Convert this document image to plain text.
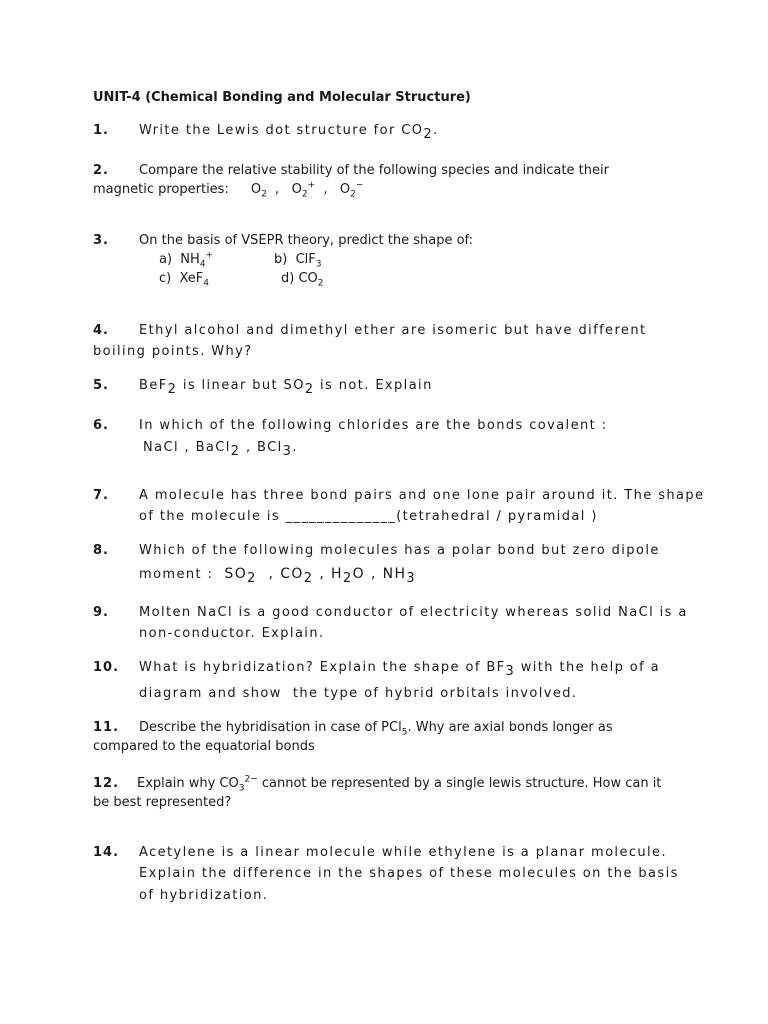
UNIT-4 (Chemical Bonding and Molecular Structure)
1. Write the Lewis dot structure for $CO_2$.
2. Compare the relative stability of the following species and indicate their
magnetic properties: $O_2$  ,   $O_2^+$  ,   $O_2^-$
3. On the basis of VSEPR theory, predict the shape of:
a)  $NH_4^+$	b)  ClF$_3$
c)  XeF$_4$	d) $CO_2$
4. Ethyl alcohol and dimethyl ether are isomeric but have different
boiling points. Why?
5. BeF$_2$ is linear but $SO_2$ is not. Explain
6. In which of the following chlorides are the bonds covalent :
NaCl , BaCl$_2$ , BCl$_3$.
7. A molecule has three bond pairs and one lone pair around it. The shape
of the molecule is ______________(tetrahedral / pyramidal )
8. Which of the following molecules has a polar bond but zero dipole
moment :  $SO_2$  , $CO_2$ , $H_2O$ , $NH_3$
9. Molten NaCl is a good conductor of electricity whereas solid NaCl is a
non-conductor. Explain.
10. What is hybridization? Explain the shape of $BF_3$ with the help of a
diagram and show  the type of hybrid orbitals involved.
11. Describe the hybridisation in case of PCl$_5$. Why are axial bonds longer as
compared to the equatorial bonds
12. Explain why $CO_3^{2-}$ cannot be represented by a single lewis structure. How can it
be best represented?
14. Acetylene is a linear molecule while ethylene is a planar molecule.
Explain the difference in the shapes of these molecules on the basis
of hybridization.
